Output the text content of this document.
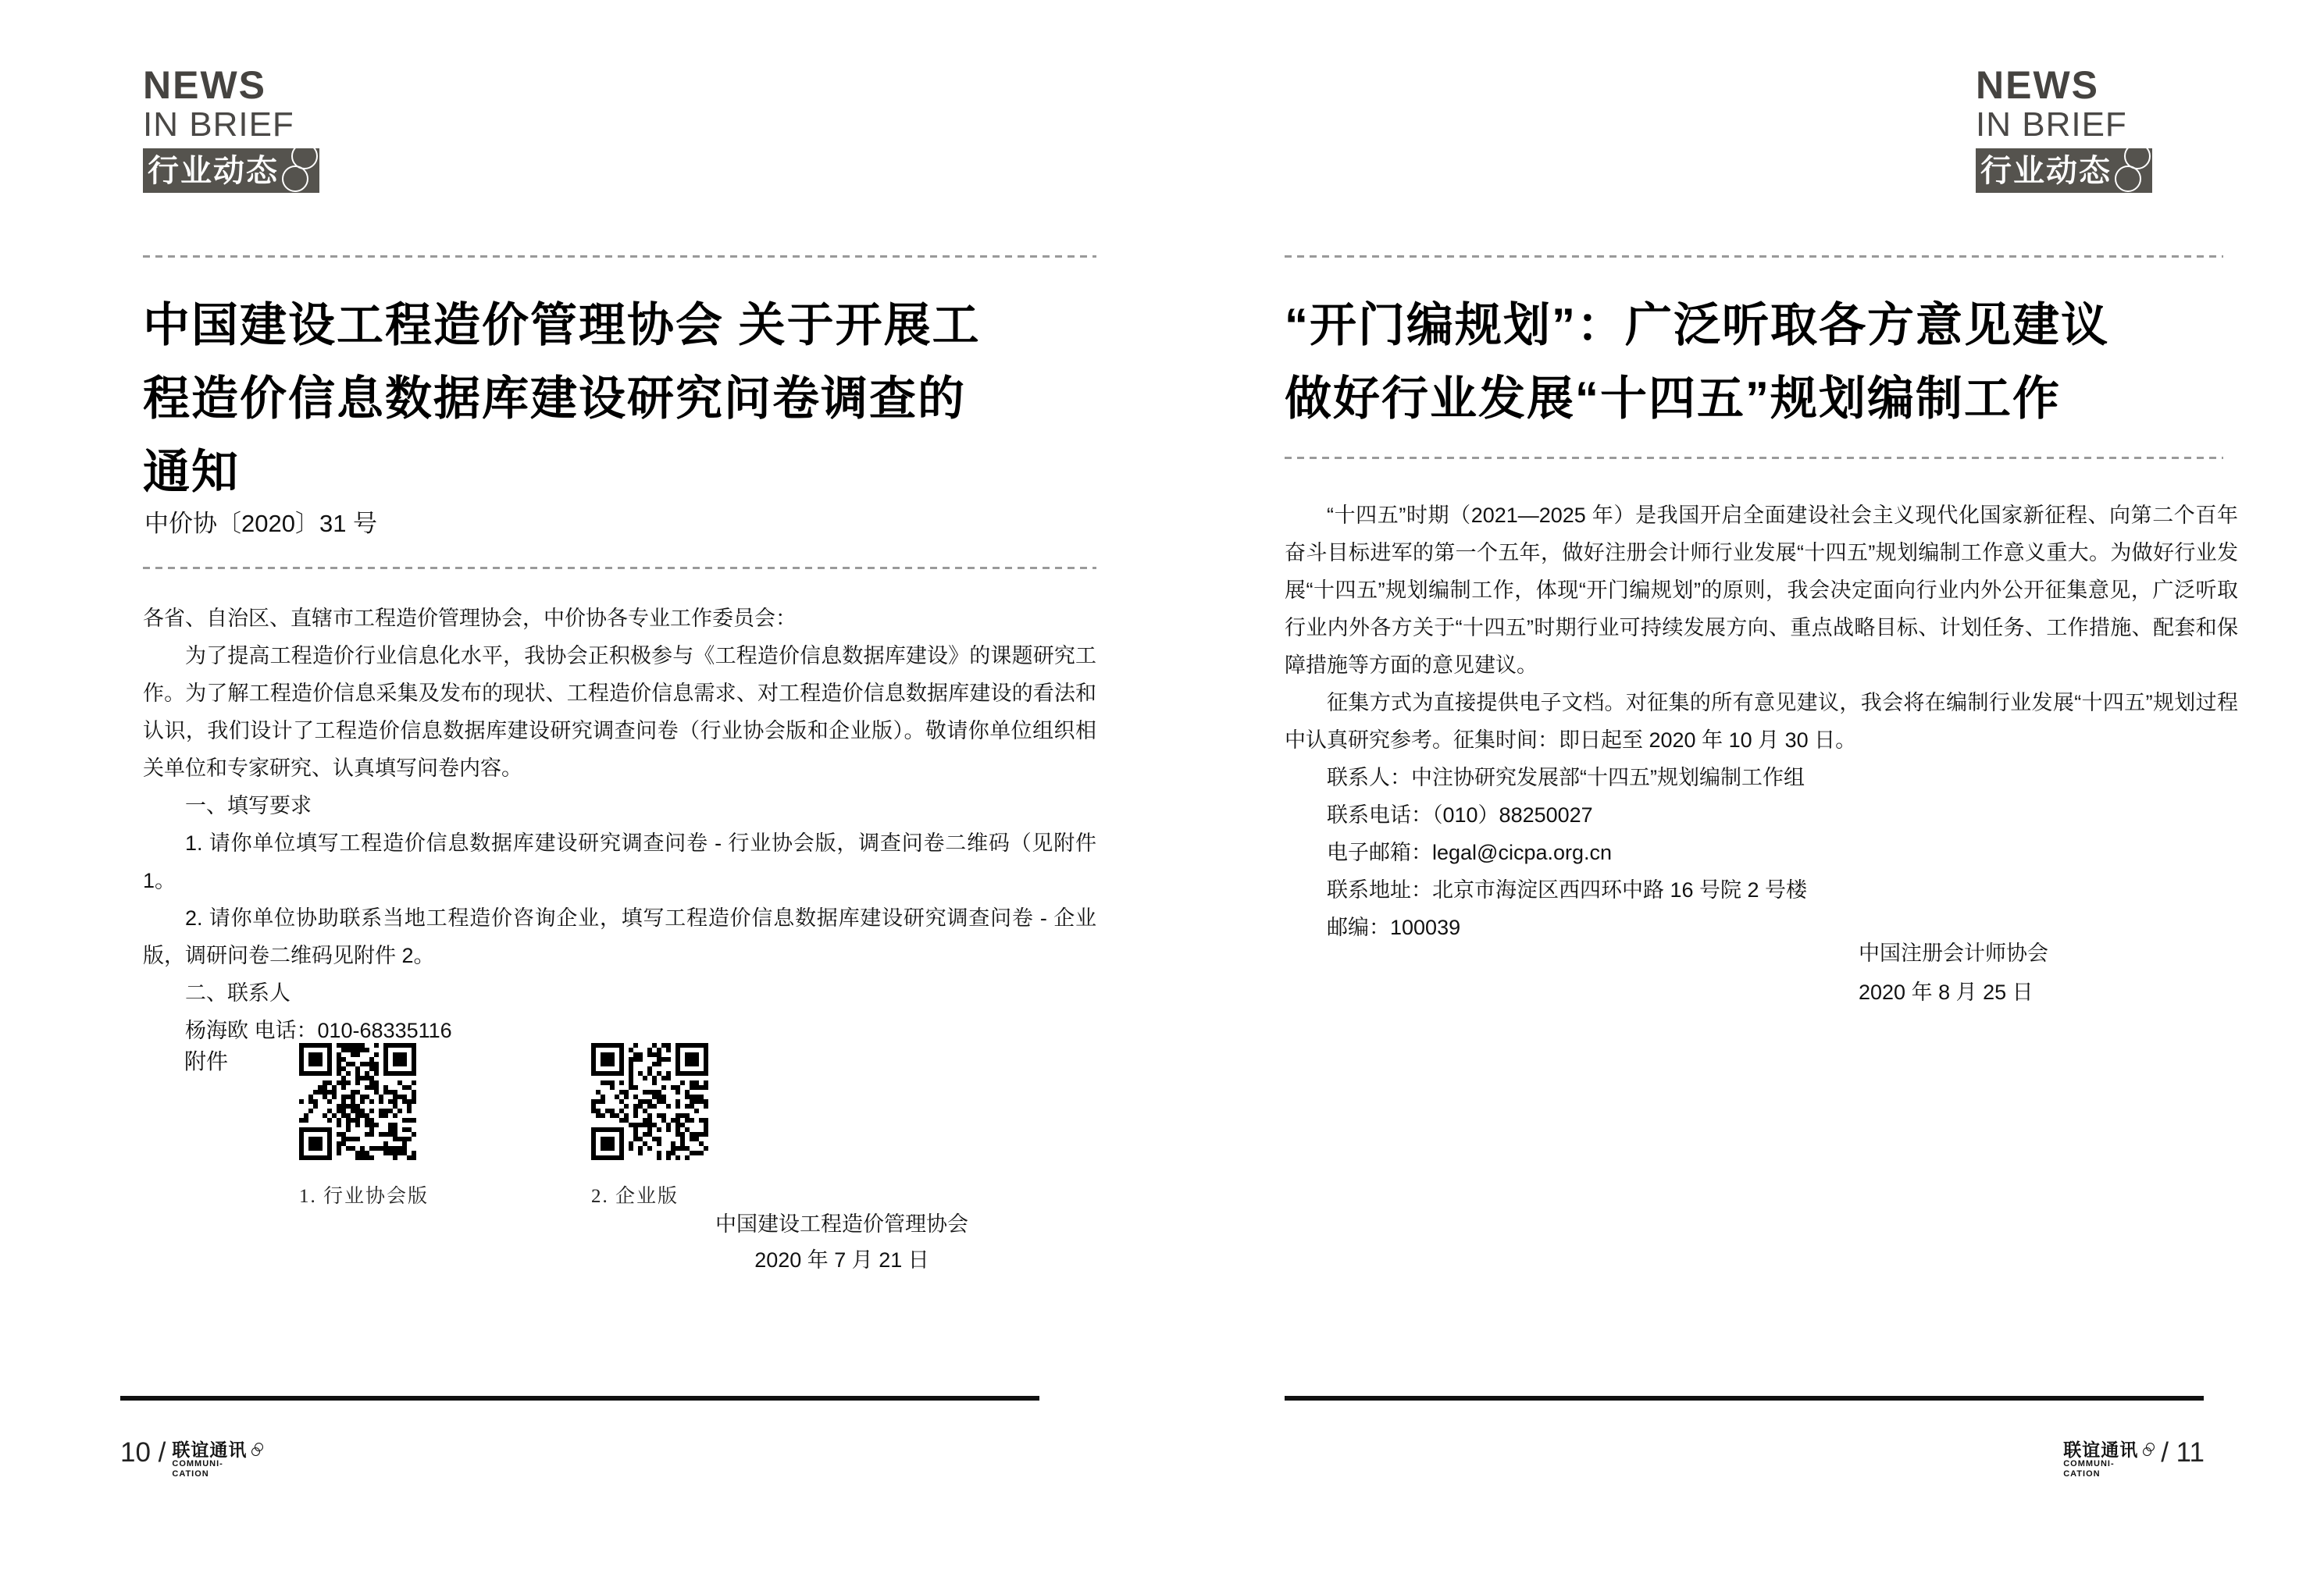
NEWS
IN BRIEF
行业动态
中国建设工程造价管理协会 关于开展工
程造价信息数据库建设研究问卷调查的
通知
中价协〔2020〕31 号

各省、自治区、直辖市工程造价管理协会，中价协各专业工作委员会：

为了提高工程造价行业信息化水平，我协会正积极参与《工程造价信息数据库建设》的课题研究工作。为了解工程造价信息采集及发布的现状、工程造价信息需求、对工程造价信息数据库建设的看法和认识，我们设计了工程造价信息数据库建设研究调查问卷（行业协会版和企业版）。敬请你单位组织相关单位和专家研究、认真填写问卷内容。

一、填写要求

1. 请你单位填写工程造价信息数据库建设研究调查问卷 - 行业协会版，调查问卷二维码（见附件 1。

2. 请你单位协助联系当地工程造价咨询企业，填写工程造价信息数据库建设研究调查问卷 - 企业版，调研问卷二维码见附件 2。

二、联系人

杨海欧 电话：010-68335116

附件
1. 行业协会版	2. 企业版
中国建设工程造价管理协会
2020 年 7 月 21 日
10 / 联谊通讯
COMMUNI-
CATION
NEWS
IN BRIEF
行业动态
“开门编规划”：广泛听取各方意见建议
做好行业发展“十四五”规划编制工作

“十四五”时期（2021—2025 年）是我国开启全面建设社会主义现代化国家新征程、向第二个百年奋斗目标进军的第一个五年，做好注册会计师行业发展“十四五”规划编制工作意义重大。为做好行业发展“十四五”规划编制工作，体现“开门编规划”的原则，我会决定面向行业内外公开征集意见，广泛听取行业内外各方关于“十四五”时期行业可持续发展方向、重点战略目标、计划任务、工作措施、配套和保障措施等方面的意见建议。

征集方式为直接提供电子文档。对征集的所有意见建议，我会将在编制行业发展“十四五”规划过程中认真研究参考。征集时间：即日起至 2020 年 10 月 30 日。

联系人：中注协研究发展部“十四五”规划编制工作组

联系电话：（010）88250027

电子邮箱：legal@cicpa.org.cn

联系地址：北京市海淀区西四环中路 16 号院 2 号楼

邮编：100039

中国注册会计师协会
2020 年 8 月 25 日
联谊通讯
COMMUNI-
CATION
/ 11
